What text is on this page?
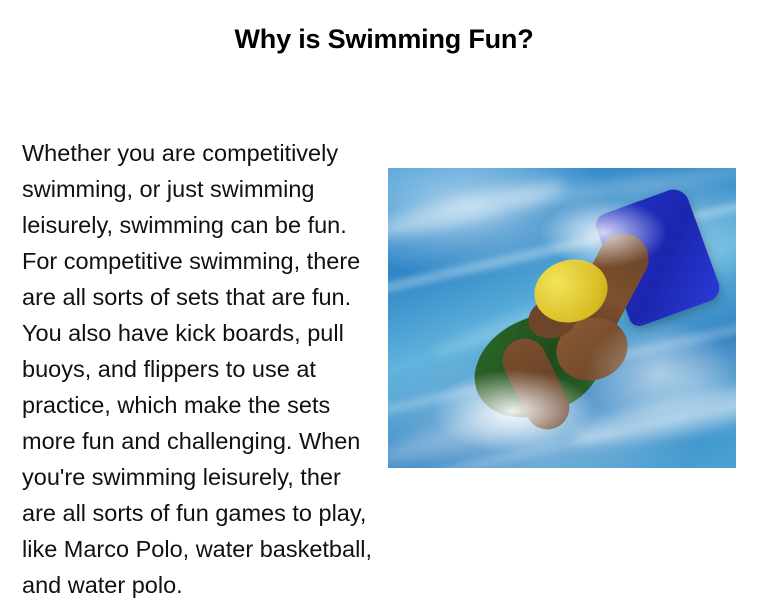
Why is Swimming Fun?
Whether you are competitively swimming, or just swimming leisurely, swimming can be fun. For competitive swimming, there are all sorts of sets that are fun. You also have kick boards, pull buoys, and flippers to use at practice, which make the sets more fun and challenging. When you're swimming leisurely, ther are all sorts of fun games to play, like Marco Polo, water basketball, and water polo.
